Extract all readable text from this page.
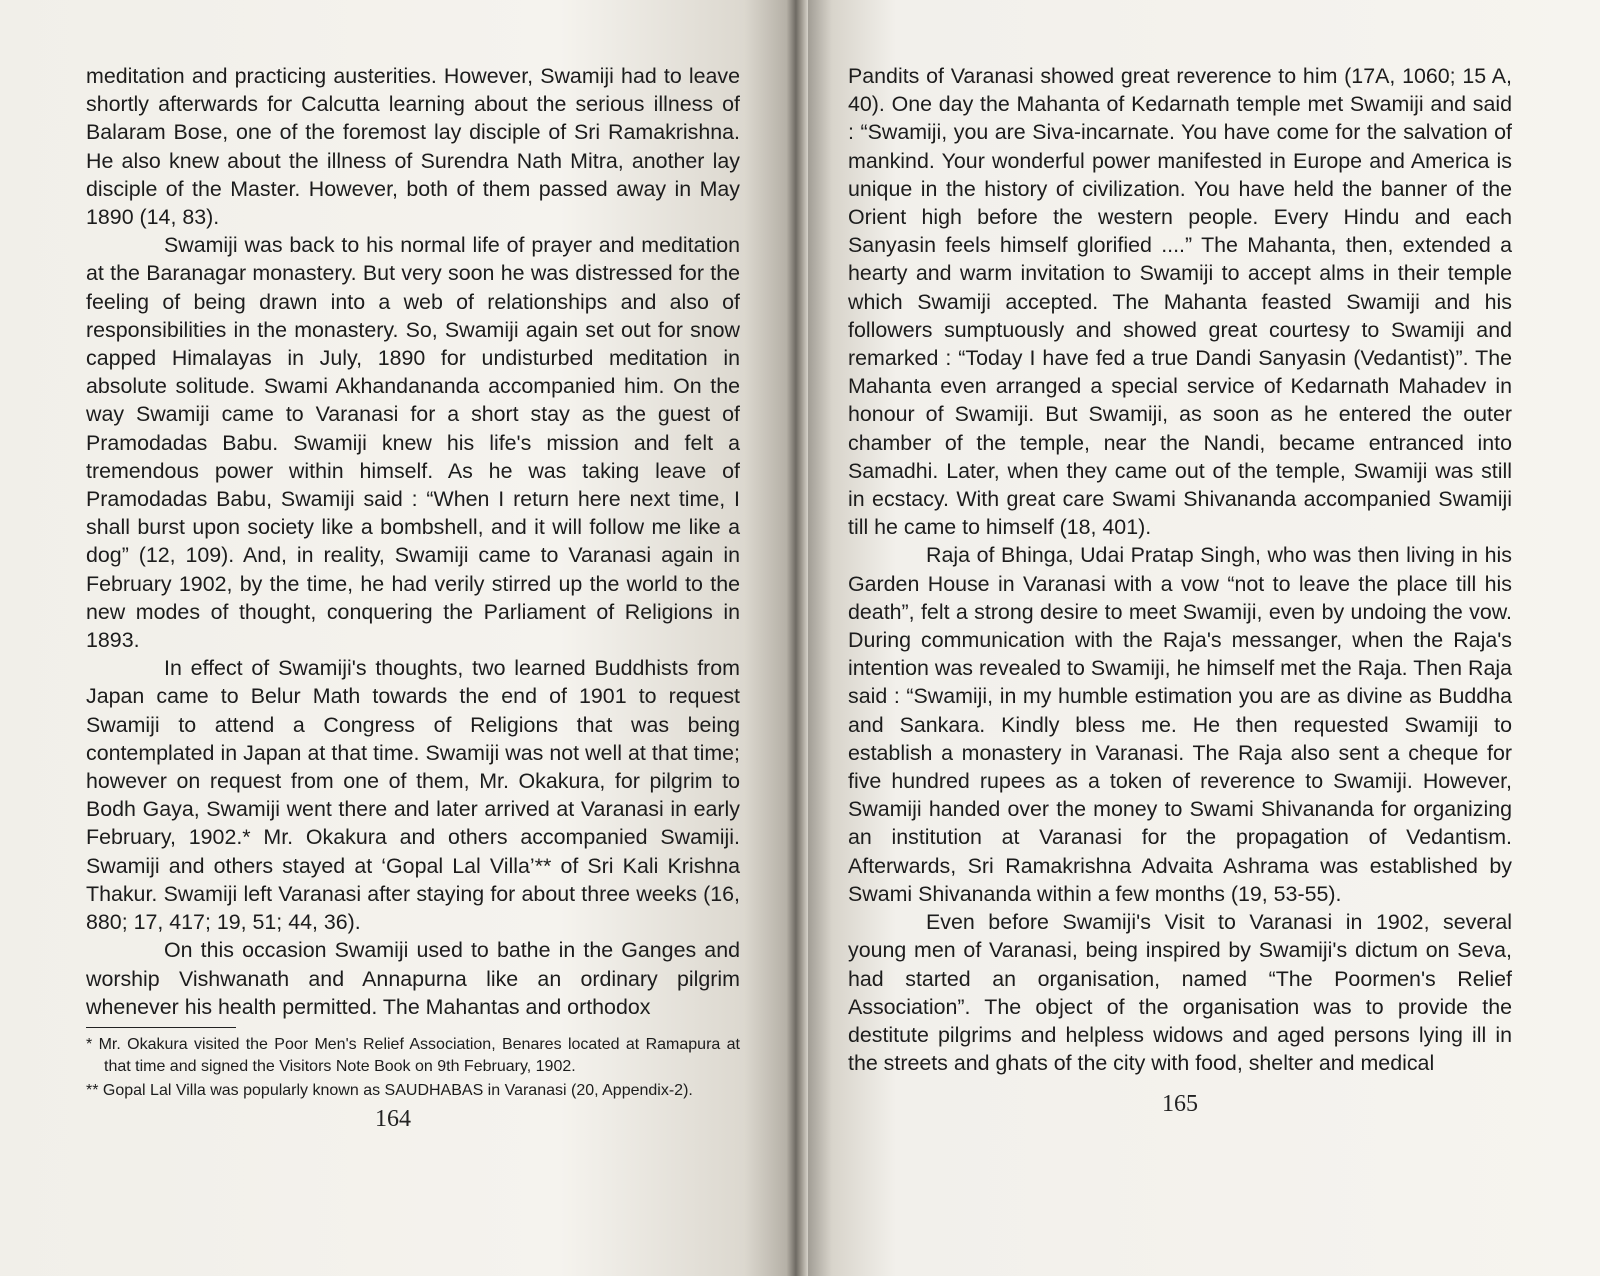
meditation and practicing austerities. However, Swamiji had to leave shortly afterwards for Calcutta learning about the serious illness of Balaram Bose, one of the foremost lay disciple of Sri Ramakrishna. He also knew about the illness of Surendra Nath Mitra, another lay disciple of the Master. However, both of them passed away in May 1890 (14, 83).

Swamiji was back to his normal life of prayer and meditation at the Baranagar monastery. But very soon he was distressed for the feeling of being drawn into a web of relationships and also of responsibilities in the monastery. So, Swamiji again set out for snow capped Himalayas in July, 1890 for undisturbed meditation in absolute solitude. Swami Akhandananda accompanied him. On the way Swamiji came to Varanasi for a short stay as the guest of Pramodadas Babu. Swamiji knew his life's mission and felt a tremendous power within himself. As he was taking leave of Pramodadas Babu, Swamiji said : “When I return here next time, I shall burst upon society like a bombshell, and it will follow me like a dog” (12, 109). And, in reality, Swamiji came to Varanasi again in February 1902, by the time, he had verily stirred up the world to the new modes of thought, conquering the Parliament of Religions in 1893.

In effect of Swamiji's thoughts, two learned Buddhists from Japan came to Belur Math towards the end of 1901 to request Swamiji to attend a Congress of Religions that was being contemplated in Japan at that time. Swamiji was not well at that time; however on request from one of them, Mr. Okakura, for pilgrim to Bodh Gaya, Swamiji went there and later arrived at Varanasi in early February, 1902.* Mr. Okakura and others accompanied Swamiji. Swamiji and others stayed at ‘Gopal Lal Villa’** of Sri Kali Krishna Thakur. Swamiji left Varanasi after staying for about three weeks (16, 880; 17, 417; 19, 51; 44, 36).

On this occasion Swamiji used to bathe in the Ganges and worship Vishwanath and Annapurna like an ordinary pilgrim whenever his health permitted. The Mahantas and orthodox

* Mr. Okakura visited the Poor Men's Relief Association, Benares located at Ramapura at that time and signed the Visitors Note Book on 9th February, 1902.

** Gopal Lal Villa was popularly known as SAUDHABAS in Varanasi (20, Appendix-2).

164

Pandits of Varanasi showed great reverence to him (17A, 1060; 15 A, 40). One day the Mahanta of Kedarnath temple met Swamiji and said : “Swamiji, you are Siva-incarnate. You have come for the salvation of mankind. Your wonderful power manifested in Europe and America is unique in the history of civilization. You have held the banner of the Orient high before the western people. Every Hindu and each Sanyasin feels himself glorified ....” The Mahanta, then, extended a hearty and warm invitation to Swamiji to accept alms in their temple which Swamiji accepted. The Mahanta feasted Swamiji and his followers sumptuously and showed great courtesy to Swamiji and remarked : “Today I have fed a true Dandi Sanyasin (Vedantist)”. The Mahanta even arranged a special service of Kedarnath Mahadev in honour of Swamiji. But Swamiji, as soon as he entered the outer chamber of the temple, near the Nandi, became entranced into Samadhi. Later, when they came out of the temple, Swamiji was still in ecstacy. With great care Swami Shivananda accompanied Swamiji till he came to himself (18, 401).

Raja of Bhinga, Udai Pratap Singh, who was then living in his Garden House in Varanasi with a vow “not to leave the place till his death”, felt a strong desire to meet Swamiji, even by undoing the vow. During communication with the Raja's messanger, when the Raja's intention was revealed to Swamiji, he himself met the Raja. Then Raja said : “Swamiji, in my humble estimation you are as divine as Buddha and Sankara. Kindly bless me. He then requested Swamiji to establish a monastery in Varanasi. The Raja also sent a cheque for five hundred rupees as a token of reverence to Swamiji. However, Swamiji handed over the money to Swami Shivananda for organizing an institution at Varanasi for the propagation of Vedantism. Afterwards, Sri Ramakrishna Advaita Ashrama was established by Swami Shivananda within a few months (19, 53-55).

Even before Swamiji's Visit to Varanasi in 1902, several young men of Varanasi, being inspired by Swamiji's dictum on Seva, had started an organisation, named “The Poormen's Relief Association”. The object of the organisation was to provide the destitute pilgrims and helpless widows and aged persons lying ill in the streets and ghats of the city with food, shelter and medical

165
